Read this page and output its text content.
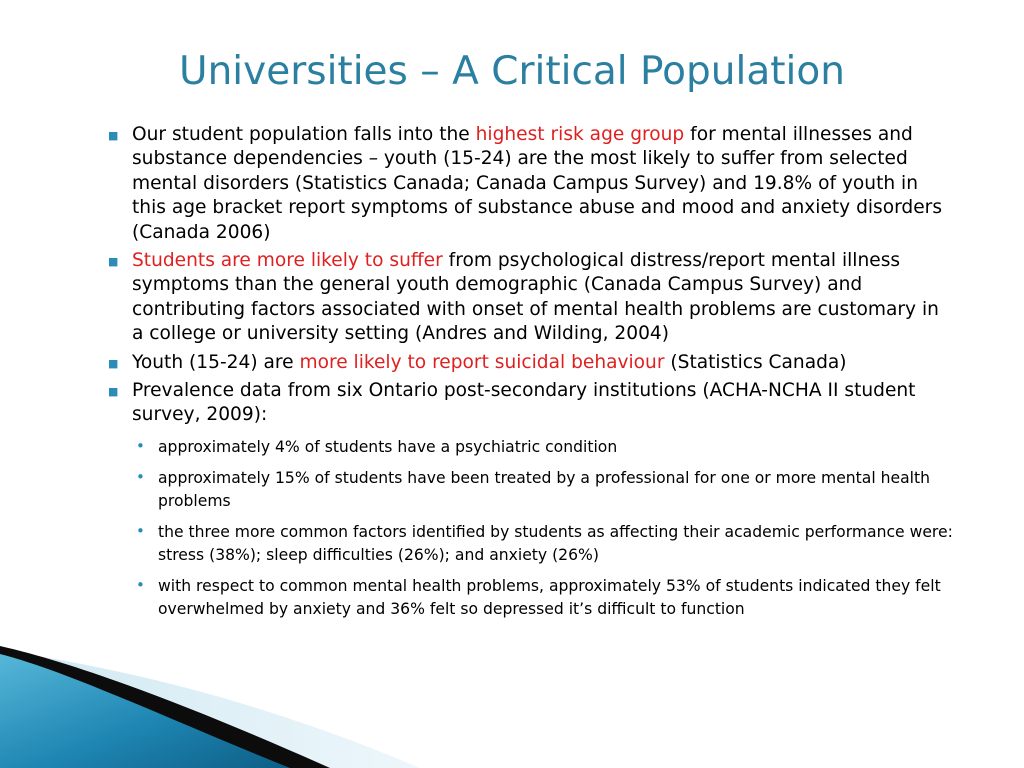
Universities – A Critical Population
■ Our student population falls into the highest risk age group for mental illnesses and substance dependencies – youth (15-24) are the most likely to suffer from selected mental disorders (Statistics Canada; Canada Campus Survey) and 19.8% of youth in this age bracket report symptoms of substance abuse and mood and anxiety disorders (Canada 2006)
■ Students are more likely to suffer from psychological distress/report mental illness symptoms than the general youth demographic (Canada Campus Survey) and contributing factors associated with onset of mental health problems are customary in a college or university setting (Andres and Wilding, 2004)
■ Youth (15-24) are more likely to report suicidal behaviour (Statistics Canada)
■ Prevalence data from six Ontario post-secondary institutions (ACHA-NCHA II student survey, 2009):
• approximately 4% of students have a psychiatric condition
• approximately 15% of students have been treated by a professional for one or more mental health problems
• the three more common factors identified by students as affecting their academic performance were: stress (38%); sleep difficulties (26%); and anxiety (26%)
• with respect to common mental health problems, approximately 53% of students indicated they felt overwhelmed by anxiety and 36% felt so depressed it’s difficult to function
